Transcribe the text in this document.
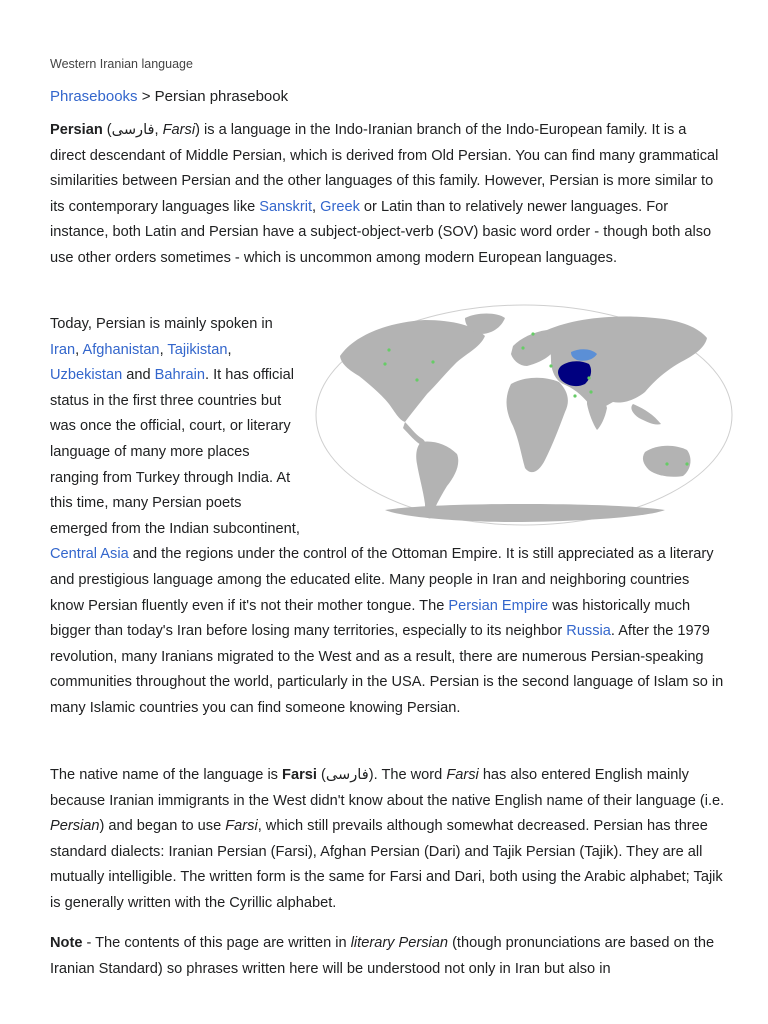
Western Iranian language
Phrasebooks > Persian phrasebook

Persian (فارسی, Farsi) is a language in the Indo-Iranian branch of the Indo-European family. It is a direct descendant of Middle Persian, which is derived from Old Persian. You can find many grammatical similarities between Persian and the other languages of this family. However, Persian is more similar to its contemporary languages like Sanskrit, Greek or Latin than to relatively newer languages. For instance, both Latin and Persian have a subject-object-verb (SOV) basic word order - though both also use other orders sometimes - which is uncommon among modern European languages.

Today, Persian is mainly spoken in Iran, Afghanistan, Tajikistan, Uzbekistan and Bahrain. It has official status in the first three countries but was once the official, court, or literary language of many more places ranging from Turkey through India. At this time, many Persian poets emerged from the Indian subcontinent, Central Asia and the regions under the control of the Ottoman Empire. It is still appreciated as a literary and prestigious language among the educated elite. Many people in Iran and neighboring countries know Persian fluently even if it's not their mother tongue. The Persian Empire was historically much bigger than today's Iran before losing many territories, especially to its neighbor Russia. After the 1979 revolution, many Iranians migrated to the West and as a result, there are numerous Persian-speaking communities throughout the world, particularly in the USA. Persian is the second language of Islam so in many Islamic countries you can find someone knowing Persian.

The native name of the language is Farsi (فارسی). The word Farsi has also entered English mainly because Iranian immigrants in the West didn't know about the native English name of their language (i.e. Persian) and began to use Farsi, which still prevails although somewhat decreased. Persian has three standard dialects: Iranian Persian (Farsi), Afghan Persian (Dari) and Tajik Persian (Tajik). They are all mutually intelligible. The written form is the same for Farsi and Dari, both using the Arabic alphabet; Tajik is generally written with the Cyrillic alphabet.

Note - The contents of this page are written in literary Persian (though pronunciations are based on the Iranian Standard) so phrases written here will be understood not only in Iran but also in
